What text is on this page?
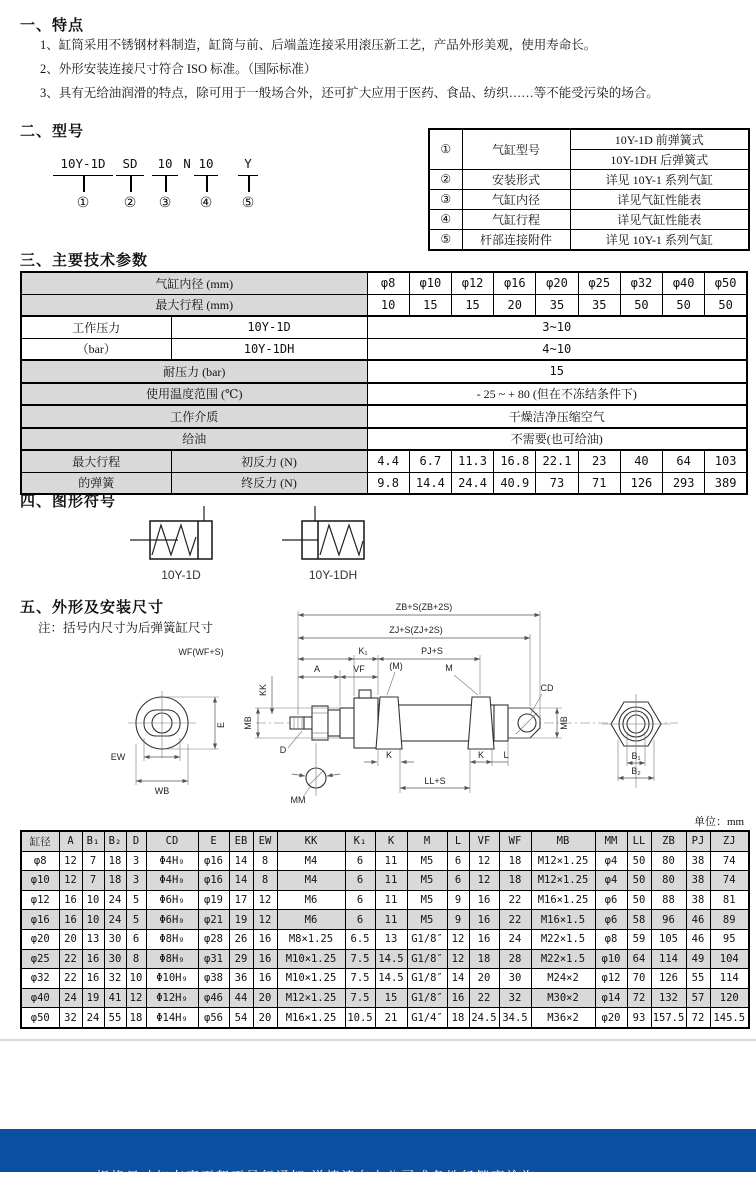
一、特点

1、缸筒采用不锈钢材料制造，缸筒与前、后端盖连接采用滚压新工艺，产品外形美观，使用寿命长。

2、外形安装连接尺寸符合 ISO 标准。（国际标准）

3、具有无给油润滑的特点，除可用于一般场合外，还可扩大应用于医药、食品、纺织……等不能受污染的场合。

二、型号
10Y-1D	SD	10 N 10	Y
① ② ③ ④ ⑤
①	气缸型号	10Y-1D 前弹簧式
		10Y-1DH 后弹簧式
②	安装形式	详见 10Y-1 系列气缸
③	气缸内径	详见气缸性能表
④	气缸行程	详见气缸性能表
⑤	杆部连接附件	详见 10Y-1 系列气缸
三、主要技术参数
气缸内径 (mm)		φ8	φ10	φ12	φ16	φ20	φ25	φ32	φ40	φ50
最大行程 (mm)		10	15	15	20	35	35	50	50	50
工作压力	10Y-1D	3~10								
（bar）	10Y-1DH	4~10								
耐压力 (bar)		15								
使用温度范围 (℃)		- 25 ~ + 80 (但在不冻结条件下)								
工作介质		干燥洁净压缩空气								
给油		不需要(也可给油)								
最大行程	初反力 (N)	4.4	6.7	11.3	16.8	22.1	23	40	64	103
的弹簧	终反力 (N)	9.8	14.4	24.4	40.9	73	71	126	293	389
四、图形符号
10Y-1D	10Y-1DH
五、外形及安装尺寸
注：括号内尺寸为后弹簧缸尺寸
E
EW
WB
ZB+S(ZB+2S)
ZJ+S(ZJ+2S)
WF(WF+S)	K₁	PJ+S
A	VF	(M)	M
KK
MB
D
MM
K
LL+S
K L
CD
MB
B₁
B₂
单位：mm
缸径	A	B₁	B₂	D	CD	E	EB	EW	KK	K₁	K	M	L	VF	WF	MB	MM	LL	ZB	PJ	ZJ
φ8	12	7	18	3	Φ4H₉	φ16	14	8	M4	6	11	M5	6	12	18	M12×1.25	φ4	50	80	38	74
φ10	12	7	18	3	Φ4H₉	φ16	14	8	M4	6	11	M5	6	12	18	M12×1.25	φ4	50	80	38	74
φ12	16	10	24	5	Φ6H₉	φ19	17	12	M6	6	11	M5	9	16	22	M16×1.25	φ6	50	88	38	81
φ16	16	10	24	5	Φ6H₉	φ21	19	12	M6	6	11	M5	9	16	22	M16×1.5	φ6	58	96	46	89
φ20	20	13	30	6	Φ8H₉	φ28	26	16	M8×1.25	6.5	13	G1/8″	12	16	24	M22×1.5	φ8	59	105	46	95
φ25	22	16	30	8	Φ8H₉	φ31	29	16	M10×1.25	7.5	14.5	G1/8″	12	18	28	M22×1.5	φ10	64	114	49	104
φ32	22	16	32	10	Φ10H₉	φ38	36	16	M10×1.25	7.5	14.5	G1/8″	14	20	30	M24×2	φ12	70	126	55	114
φ40	24	19	41	12	Φ12H₉	φ46	44	20	M12×1.25	7.5	15	G1/8″	16	22	32	M30×2	φ14	72	132	57	120
φ50	32	24	55	18	Φ14H₉	φ56	54	20	M16×1.25	10.5	21	G1/4″	18	24.5	34.5	M36×2	φ20	93	157.5	72	145.5
规格尺寸如有变更恕不另行通知 详情请向本公司或各地经销商洽询
